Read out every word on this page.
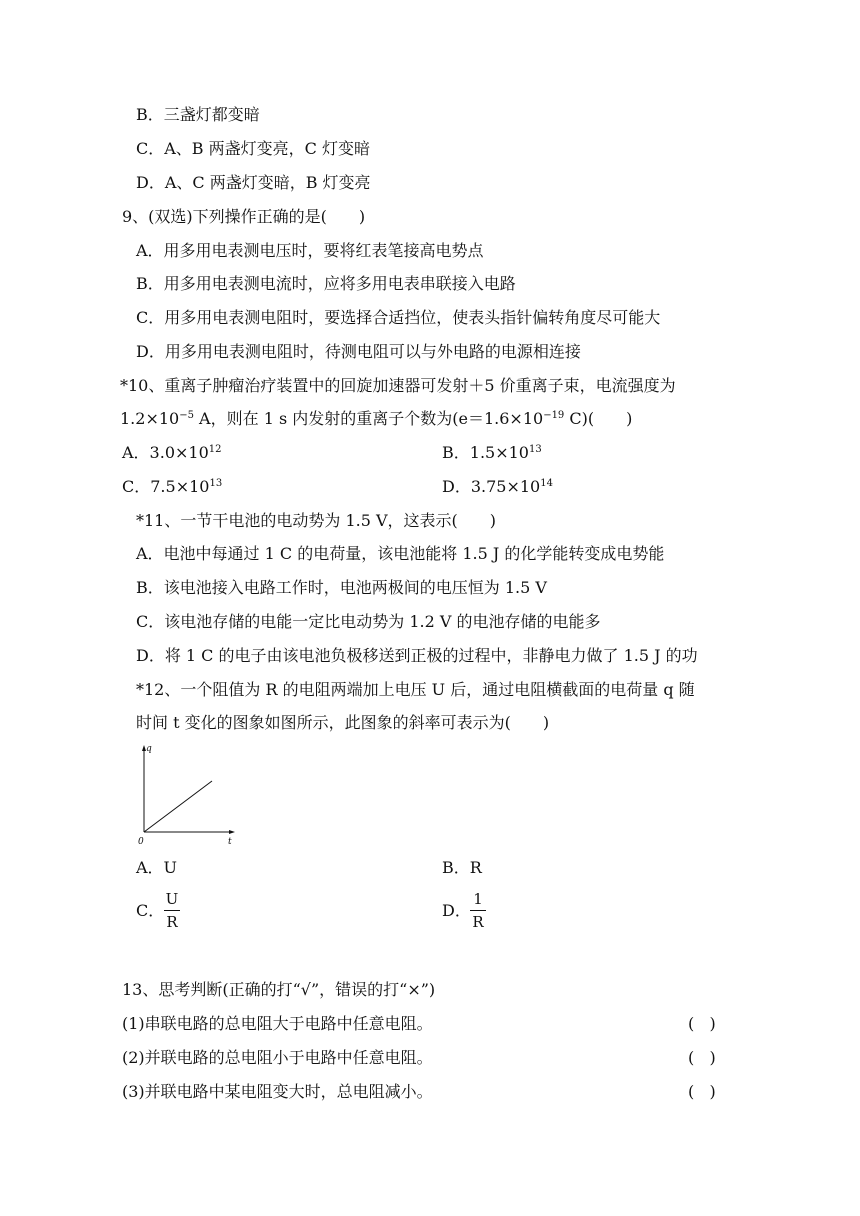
B．三盏灯都变暗
C．A、B 两盏灯变亮，C 灯变暗
D．A、C 两盏灯变暗，B 灯变亮
9、(双选)下列操作正确的是(　　)
A．用多用电表测电压时，要将红表笔接高电势点
B．用多用电表测电流时，应将多用电表串联接入电路
C．用多用电表测电阻时，要选择合适挡位，使表头指针偏转角度尽可能大
D．用多用电表测电阻时，待测电阻可以与外电路的电源相连接
*10、重离子肿瘤治疗装置中的回旋加速器可发射＋5 价重离子束，电流强度为
$1.2\times 10^{-5}$ A，则在 1 s 内发射的重离子个数为($e=1.6\times 10^{-19}$ C)(　　)
A．$3.0\times 10^{12}$	B．$1.5\times 10^{13}$
C．$7.5\times 10^{13}$	D．$3.75\times 10^{14}$
*11、一节干电池的电动势为 1.5 V，这表示(　　)
A．电池中每通过 1 C 的电荷量，该电池能将 1.5 J 的化学能转变成电势能
B．该电池接入电路工作时，电池两极间的电压恒为 1.5 V
C．该电池存储的电能一定比电动势为 1.2 V 的电池存储的电能多
D．将 1 C 的电子由该电池负极移送到正极的过程中，非静电力做了 1.5 J 的功
*12、一个阻值为 R 的电阻两端加上电压 U 后，通过电阻横截面的电荷量 q 随
时间 t 变化的图象如图所示，此图象的斜率可表示为(　　)
q
t
0
A．U	B．R
C． $\frac{U}{R}$	D． $\frac{1}{R}$
13、思考判断(正确的打“√”，错误的打“×”)
(1)串联电路的总电阻大于电路中任意电阻。	(   )
(2)并联电路的总电阻小于电路中任意电阻。	(   )
(3)并联电路中某电阻变大时，总电阻减小。	(   )
